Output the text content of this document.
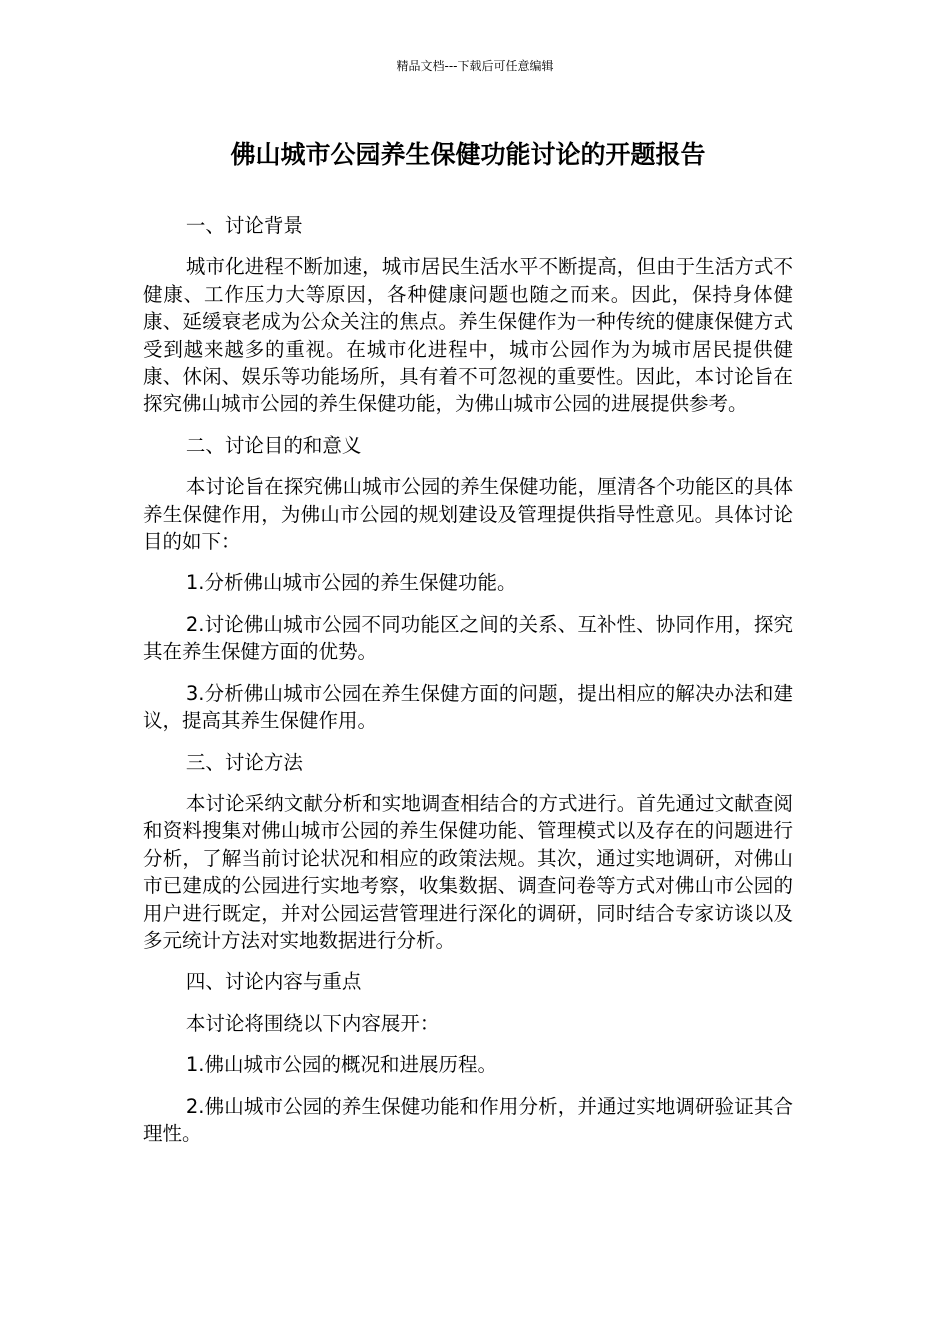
精品文档---下载后可任意编辑
佛山城市公园养生保健功能讨论的开题报告

一、讨论背景

城市化进程不断加速，城市居民生活水平不断提高，但由于生活方式不健康、工作压力大等原因，各种健康问题也随之而来。因此，保持身体健康、延缓衰老成为公众关注的焦点。养生保健作为一种传统的健康保健方式受到越来越多的重视。在城市化进程中，城市公园作为为城市居民提供健康、休闲、娱乐等功能场所，具有着不可忽视的重要性。因此，本讨论旨在探究佛山城市公园的养生保健功能，为佛山城市公园的进展提供参考。

二、讨论目的和意义

本讨论旨在探究佛山城市公园的养生保健功能，厘清各个功能区的具体养生保健作用，为佛山市公园的规划建设及管理提供指导性意见。具体讨论目的如下：

1.分析佛山城市公园的养生保健功能。

2.讨论佛山城市公园不同功能区之间的关系、互补性、协同作用，探究其在养生保健方面的优势。

3.分析佛山城市公园在养生保健方面的问题，提出相应的解决办法和建议，提高其养生保健作用。

三、讨论方法

本讨论采纳文献分析和实地调查相结合的方式进行。首先通过文献查阅和资料搜集对佛山城市公园的养生保健功能、管理模式以及存在的问题进行分析，了解当前讨论状况和相应的政策法规。其次，通过实地调研，对佛山市已建成的公园进行实地考察，收集数据、调查问卷等方式对佛山市公园的用户进行既定，并对公园运营管理进行深化的调研，同时结合专家访谈以及多元统计方法对实地数据进行分析。

四、讨论内容与重点

本讨论将围绕以下内容展开：

1.佛山城市公园的概况和进展历程。

2.佛山城市公园的养生保健功能和作用分析，并通过实地调研验证其合理性。
